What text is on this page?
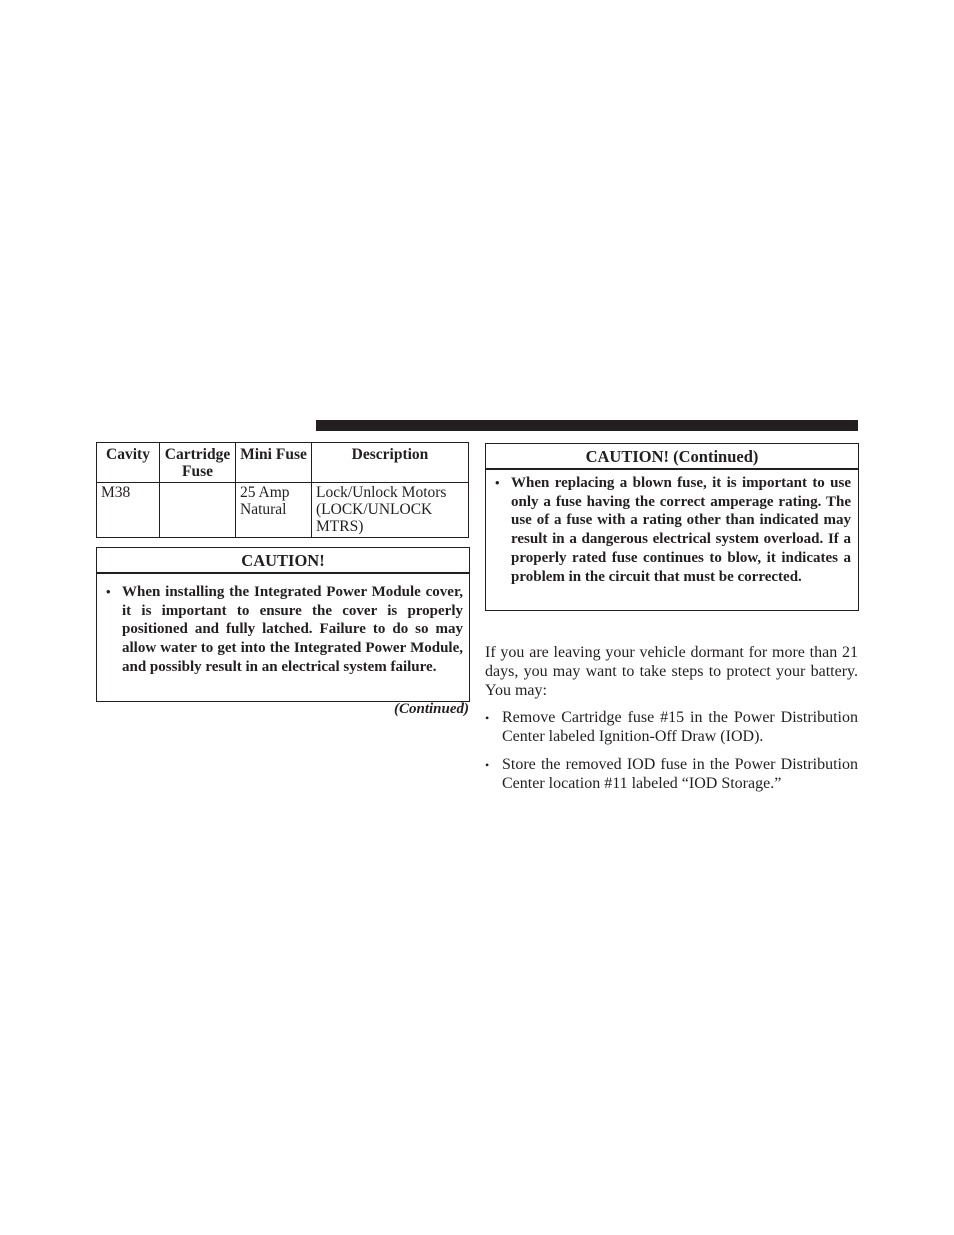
Cavity	Cartridge Fuse	Mini Fuse	Description
M38		25 Amp Natural	Lock/Unlock Motors (LOCK/UNLOCK MTRS)
CAUTION!
• When installing the Integrated Power Module cover, it is important to ensure the cover is properly positioned and fully latched. Failure to do so may allow water to get into the Integrated Power Module, and possibly result in an electrical system failure.
(Continued)
CAUTION! (Continued)
• When replacing a blown fuse, it is important to use only a fuse having the correct amperage rating. The use of a fuse with a rating other than indicated may result in a dangerous electrical system overload. If a properly rated fuse continues to blow, it indicates a problem in the circuit that must be corrected.
If you are leaving your vehicle dormant for more than 21 days, you may want to take steps to protect your battery. You may:
• Remove Cartridge fuse #15 in the Power Distribution Center labeled Ignition-Off Draw (IOD).
• Store the removed IOD fuse in the Power Distribution Center location #11 labeled “IOD Storage.”
